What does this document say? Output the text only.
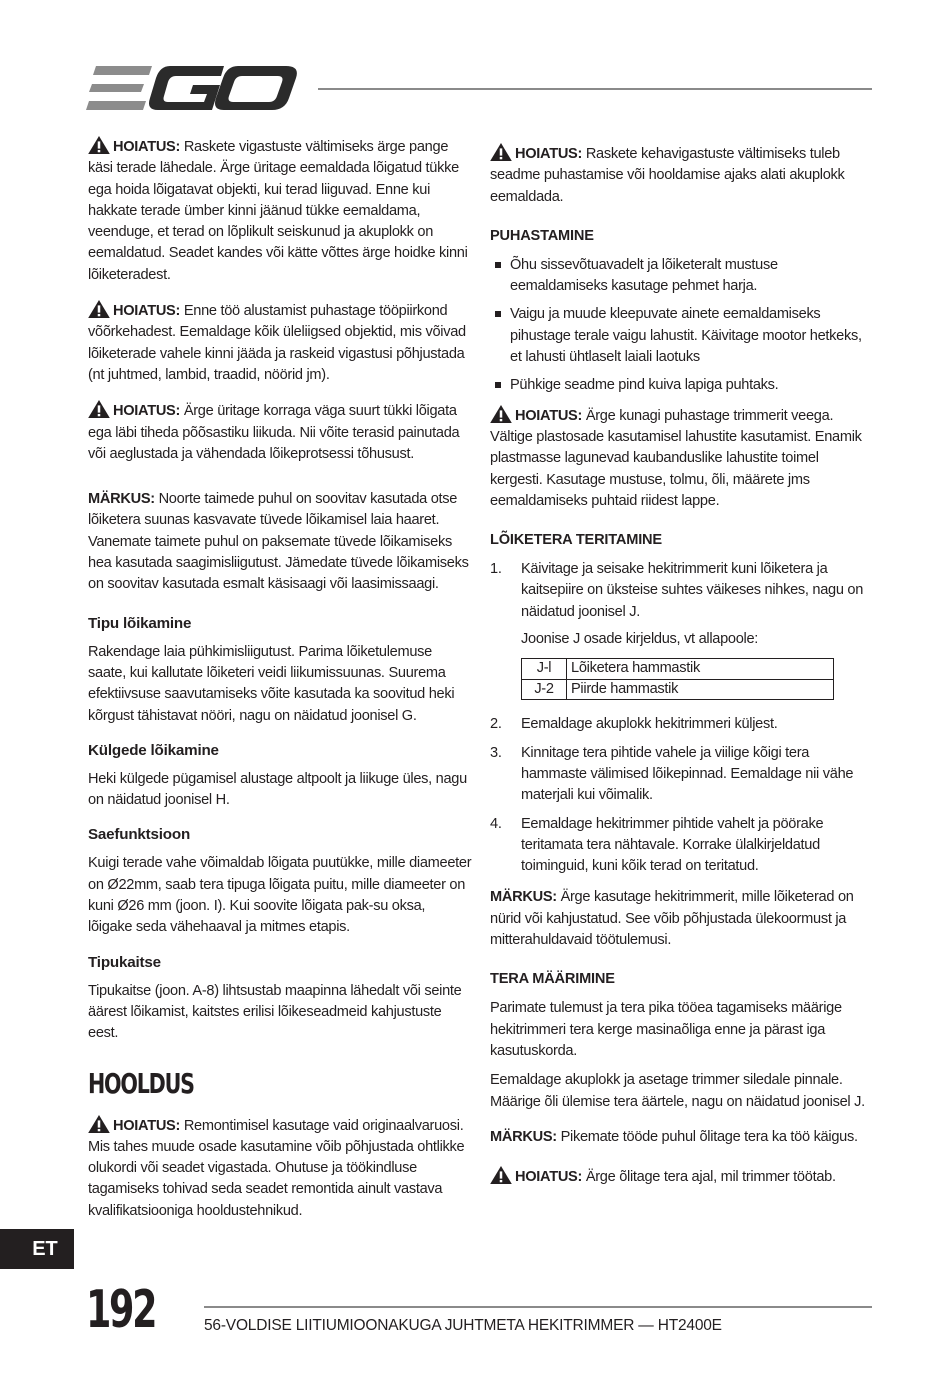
HOIATUS: Raskete vigastuste vältimiseks ärge pange käsi terade lähedale. Ärge üritage eemaldada lõigatud tükke ega hoida lõigatavat objekti, kui terad liiguvad. Enne kui hakkate terade ümber kinni jäänud tükke eemaldama, veenduge, et terad on lõplikult seiskunud ja akuplokk on eemaldatud. Seadet kandes või kätte võttes ärge hoidke kinni lõiketeradest.

HOIATUS: Enne töö alustamist puhastage tööpiirkond võõrkehadest. Eemaldage kõik üleliigsed objektid, mis võivad lõiketerade vahele kinni jääda ja raskeid vigastusi põhjustada (nt juhtmed, lambid, traadid, nöörid jm).

HOIATUS: Ärge üritage korraga väga suurt tükki lõigata ega läbi tiheda põõsastiku liikuda. Nii võite terasid painutada või aeglustada ja vähendada lõikeprotsessi tõhusust.

MÄRKUS: Noorte taimede puhul on soovitav kasutada otse lõiketera suunas kasvavate tüvede lõikamisel laia haaret. Vanemate taimete puhul on paksemate tüvede lõikamiseks hea kasutada saagimisliigutust. Jämedate tüvede lõikamiseks on soovitav kasutada esmalt käsisaagi või laasimissaagi.

Tipu lõikamine

Rakendage laia pühkimisliigutust. Parima lõiketulemuse saate, kui kallutate lõiketeri veidi liikumissuunas. Suurema efektiivsuse saavutamiseks võite kasutada ka soovitud heki kõrgust tähistavat nööri, nagu on näidatud joonisel G.

Külgede lõikamine

Heki külgede pügamisel alustage altpoolt ja liikuge üles, nagu on näidatud joonisel H.

Saefunktsioon

Kuigi terade vahe võimaldab lõigata puutükke, mille diameeter on Ø22mm, saab tera tipuga lõigata puitu, mille diameeter on kuni Ø26 mm (joon. I). Kui soovite lõigata pak-su oksa, lõigake seda vähehaaval ja mitmes etapis.

Tipukaitse

Tipukaitse (joon. A-8) lihtsustab maapinna lähedalt või seinte äärest lõikamist, kaitstes erilisi lõikeseadmeid kahjustuste eest.

HOOLDUS

HOIATUS: Remontimisel kasutage vaid originaalvaruosi. Mis tahes muude osade kasutamine võib põhjustada ohtlikke olukordi või seadet vigastada. Ohutuse ja töökindluse tagamiseks tohivad seda seadet remontida ainult vastava kvalifikatsiooniga hooldustehnikud.

HOIATUS: Raskete kehavigastuste vältimiseks tuleb seadme puhastamise või hooldamise ajaks alati akuplokk eemaldada.

PUHASTAMINE
Õhu sissevõtuavadelt ja lõiketeralt mustuse eemaldamiseks kasutage pehmet harja.
Vaigu ja muude kleepuvate ainete eemaldamiseks pihustage terale vaigu lahustit. Käivitage mootor hetkeks, et lahusti ühtlaselt laiali laotuks
Pühkige seadme pind kuiva lapiga puhtaks.

HOIATUS: Ärge kunagi puhastage trimmerit veega. Vältige plastosade kasutamisel lahustite kasutamist. Enamik plastmasse lagunevad kaubanduslike lahustite toimel kergesti. Kasutage mustuse, tolmu, õli, määrete jms eemaldamiseks puhtaid riidest lappe.

LÕIKETERA TERITAMINE
1. Käivitage ja seisake hekitrimmerit kuni lõiketera ja kaitsepiire on üksteise suhtes väikeses nihkes, nagu on näidatud joonisel J.
Joonise J osade kirjeldus, vt allapoole:
J-l	Lõiketera hammastik
J-2	Piirde hammastik
2. Eemaldage akuplokk hekitrimmeri küljest.
3. Kinnitage tera pihtide vahele ja viilige kõigi tera hammaste välimised lõikepinnad. Eemaldage nii vähe materjali kui võimalik.
4. Eemaldage hekitrimmer pihtide vahelt ja pöörake teritamata tera nähtavale. Korrake ülalkirjeldatud toiminguid, kuni kõik terad on teritatud.

MÄRKUS: Ärge kasutage hekitrimmerit, mille lõiketerad on nürid või kahjustatud. See võib põhjustada ülekoormust ja mitterahuldavaid töötulemusi.

TERA MÄÄRIMINE

Parimate tulemust ja tera pika tööea tagamiseks määrige hekitrimmeri tera kerge masinaõliga enne ja pärast iga kasutuskorda.

Eemaldage akuplokk ja asetage trimmer siledale pinnale. Määrige õli ülemise tera äärtele, nagu on näidatud joonisel J.

MÄRKUS: Pikemate tööde puhul õlitage tera ka töö käigus.

HOIATUS: Ärge õlitage tera ajal, mil trimmer töötab.

ET
192	56-VOLDISE LIITIUMIOONAKUGA JUHTMETA HEKITRIMMER — HT2400E
